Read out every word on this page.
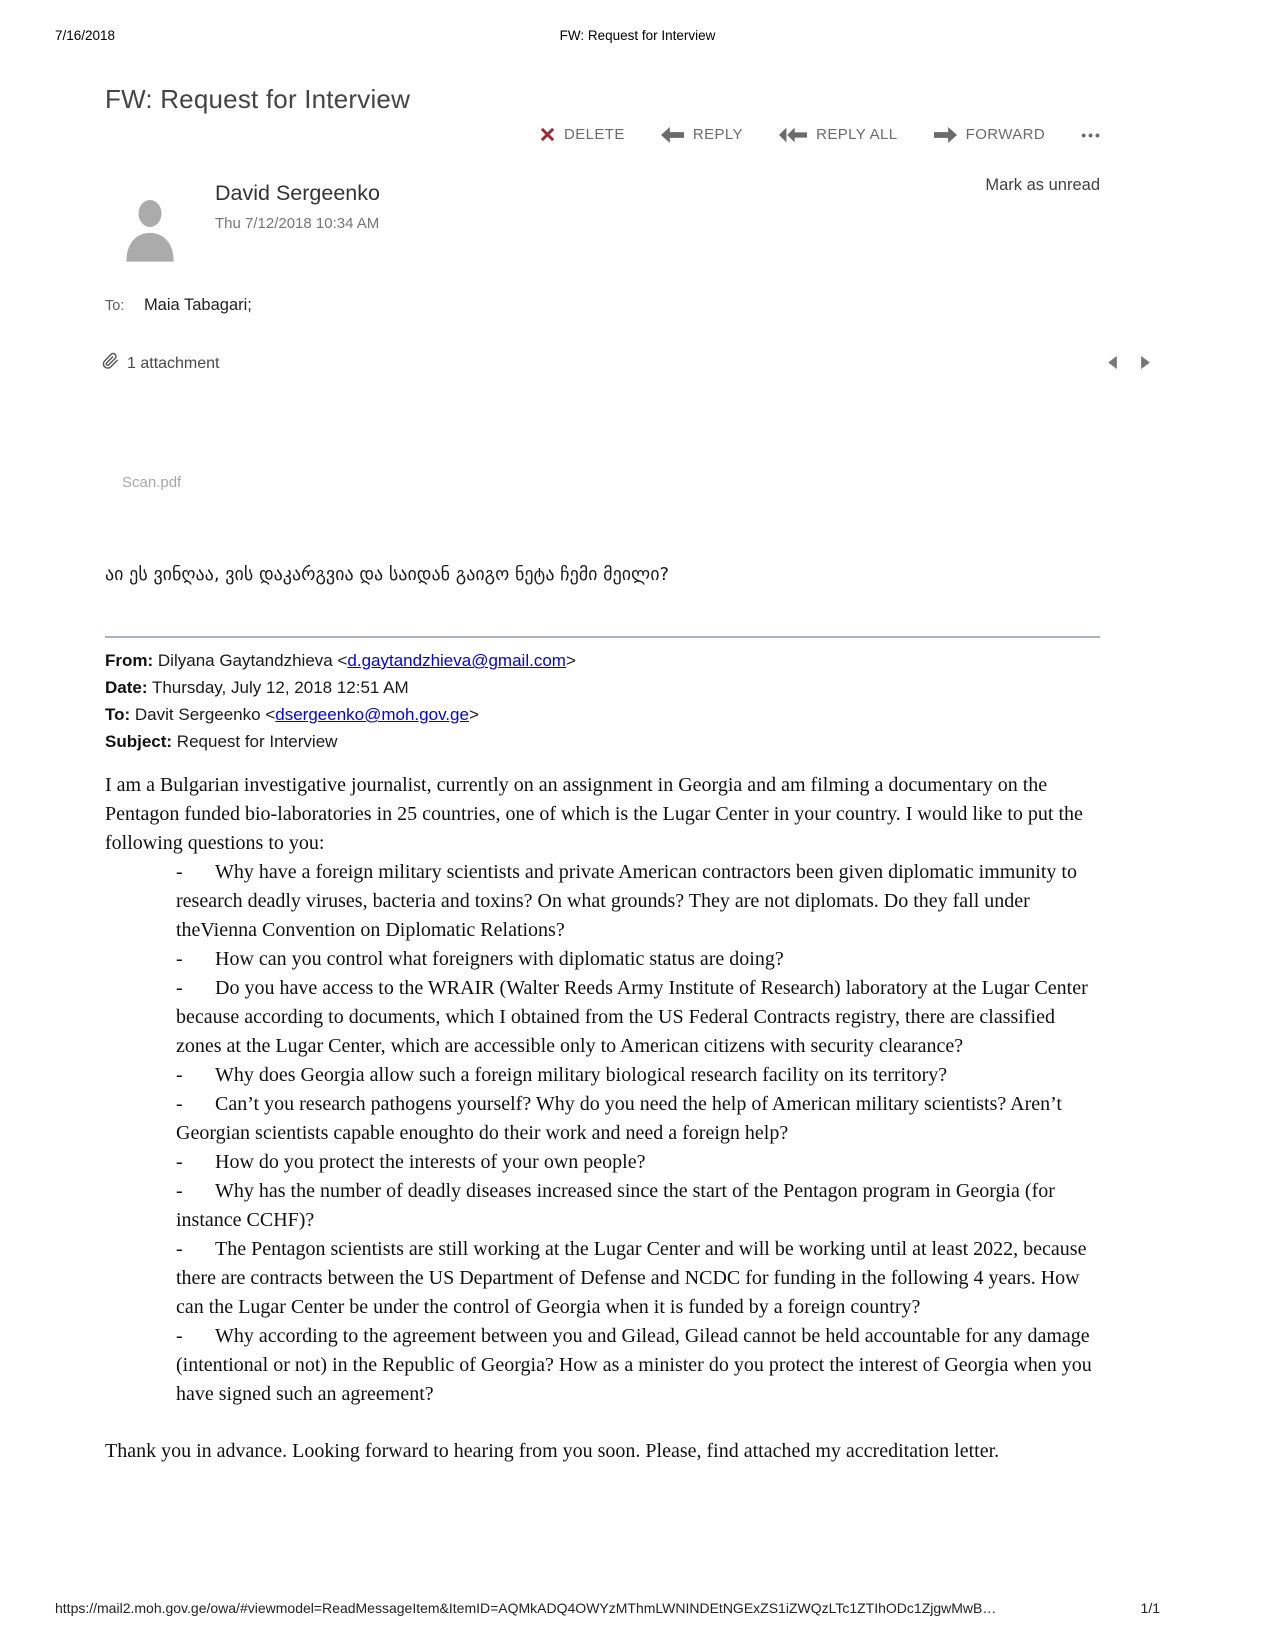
7/16/2018	FW: Request for Interview
FW: Request for Interview
DELETE	REPLY	REPLY ALL	FORWARD	•••
Mark as unread
David Sergeenko
Thu 7/12/2018 10:34 AM
To: Maia Tabagari;
1 attachment
Scan.pdf
აი ეს ვინღაა, ვის დაკარგვია და საიდან გაიგო ნეტა ჩემი მეილი?
From: Dilyana Gaytandzhieva <d.gaytandzhieva@gmail.com>
Date: Thursday, July 12, 2018 12:51 AM
To: Davit Sergeenko <dsergeenko@moh.gov.ge>
Subject: Request for Interview

I am a Bulgarian investigative journalist, currently on an assignment in Georgia and am filming a documentary on the Pentagon funded bio-laboratories in 25 countries, one of which is the Lugar Center in your country. I would like to put the following questions to you:

- Why have a foreign military scientists and private American contractors been given diplomatic immunity to research deadly viruses, bacteria and toxins? On what grounds? They are not diplomats. Do they fall under theVienna Convention on Diplomatic Relations?
- How can you control what foreigners with diplomatic status are doing?
- Do you have access to the WRAIR (Walter Reeds Army Institute of Research) laboratory at the Lugar Center because according to documents, which I obtained from the US Federal Contracts registry, there are classified zones at the Lugar Center, which are accessible only to American citizens with security clearance?
- Why does Georgia allow such a foreign military biological research facility on its territory?
- Can’t you research pathogens yourself? Why do you need the help of American military scientists? Aren’t Georgian scientists capable enoughto do their work and need a foreign help?
- How do you protect the interests of your own people?
- Why has the number of deadly diseases increased since the start of the Pentagon program in Georgia (for instance CCHF)?
- The Pentagon scientists are still working at the Lugar Center and will be working until at least 2022, because there are contracts between the US Department of Defense and NCDC for funding in the following 4 years. How can the Lugar Center be under the control of Georgia when it is funded by a foreign country?
- Why according to the agreement between you and Gilead, Gilead cannot be held accountable for any damage (intentional or not) in the Republic of Georgia? How as a minister do you protect the interest of Georgia when you have signed such an agreement?

Thank you in advance. Looking forward to hearing from you soon. Please, find attached my accreditation letter.

https://mail2.moh.gov.ge/owa/#viewmodel=ReadMessageItem&ItemID=AQMkADQ4OWYzMThmLWNINDEtNGExZS1iZWQzLTc1ZTIhODc1ZjgwMwB…	1/1
